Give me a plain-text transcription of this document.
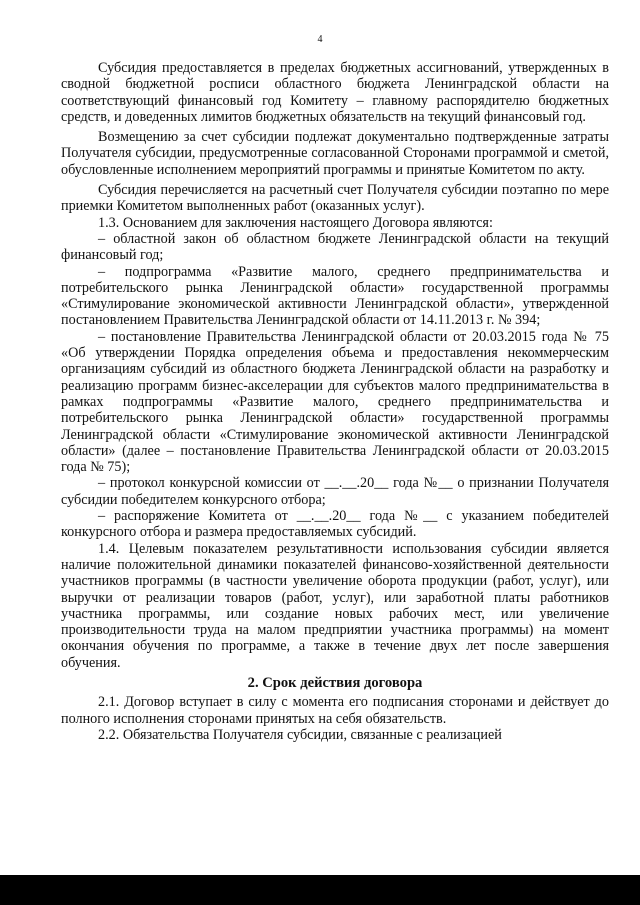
4

Субсидия предоставляется в пределах бюджетных ассигнований, утвержденных в сводной бюджетной росписи областного бюджета Ленинградской области на соответствующий финансовый год Комитету – главному распорядителю бюджетных средств, и доведенных лимитов бюджетных обязательств на текущий финансовый год.

Возмещению за счет субсидии подлежат документально подтвержденные затраты Получателя субсидии, предусмотренные согласованной Сторонами программой и сметой, обусловленные исполнением мероприятий программы и принятые Комитетом по акту.

Субсидия перечисляется на расчетный счет Получателя субсидии поэтапно по мере приемки Комитетом выполненных работ (оказанных услуг).

1.3. Основанием для заключения настоящего Договора являются:

– областной закон об областном бюджете Ленинградской области на текущий финансовый год;

– подпрограмма «Развитие малого, среднего предпринимательства и потребительского рынка Ленинградской области» государственной программы «Стимулирование экономической активности Ленинградской области», утвержденной постановлением Правительства Ленинградской области от 14.11.2013 г. № 394;

– постановление Правительства Ленинградской области от 20.03.2015 года № 75 «Об утверждении Порядка определения объема и предоставления некоммерческим организациям субсидий из областного бюджета Ленинградской области на разработку и реализацию программ бизнес-акселерации для субъектов малого предпринимательства в рамках подпрограммы «Развитие малого, среднего предпринимательства и потребительского рынка Ленинградской области» государственной программы Ленинградской области «Стимулирование экономической активности Ленинградской области» (далее – постановление Правительства Ленинградской области от 20.03.2015 года № 75);

– протокол конкурсной комиссии от __.__.20__ года №__ о признании Получателя субсидии победителем конкурсного отбора;

– распоряжение Комитета от __.__.20__ года №__ с указанием победителей конкурсного отбора и размера предоставляемых субсидий.

1.4. Целевым показателем результативности использования субсидии является наличие положительной динамики показателей финансово-хозяйственной деятельности участников программы (в частности увеличение оборота продукции (работ, услуг), или выручки от реализации товаров (работ, услуг), или заработной платы работников участника программы, или создание новых рабочих мест, или увеличение производительности труда на малом предприятии участника программы) на момент окончания обучения по программе, а также в течение двух лет после завершения обучения.

2. Срок действия договора

2.1. Договор вступает в силу с момента его подписания сторонами и действует до полного исполнения сторонами принятых на себя обязательств.

2.2. Обязательства Получателя субсидии, связанные с реализацией
